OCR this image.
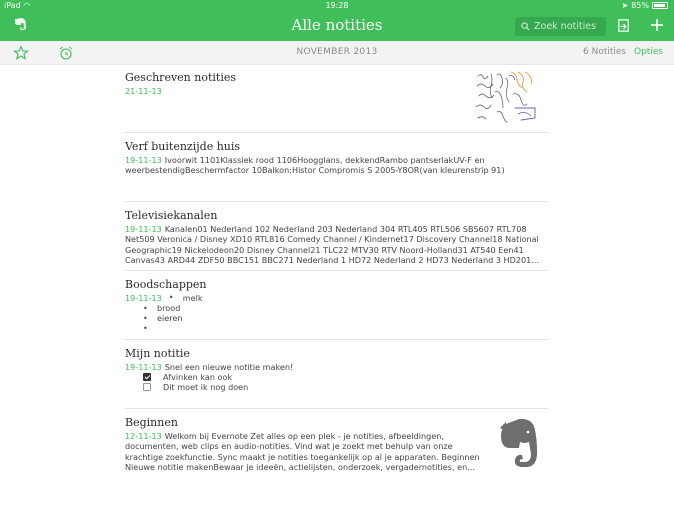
iPad ◠	19:28	➤ 85%
Alle notities	Zoek notities
NOVEMBER 2013	6 Notities Opties
Geschreven notities
21-11-13
Verf buitenzijde huis
19-11-13 Ivoorwit 1101Klassiek rood 1106Hoogglans, dekkendRambo pantserlakUV-F en weerbestendigBeschermfactor 10Balkon:Histor Compromis S 2005-Y8OR(van kleurenstrip 91)
Televisiekanalen
19-11-13 Kanalen01 Nederland 102 Nederland 203 Nederland 304 RTL405 RTL506 SBS607 RTL708 Net509 Veronica / Disney XD10 RTL816 Comedy Channel / Kindernet17 Discovery Channel18 National Geographic19 Nickelodeon20 Disney Channel21 TLC22 MTV30 RTV Noord-Holland31 AT540 Een41 Canvas43 ARD44 ZDF50 BBC151 BBC271 Nederland 1 HD72 Nederland 2 HD73 Nederland 3 HD201...
Boodschappen
19-11-13 •	melk
•	brood
•	eieren
•
Mijn notitie
19-11-13 Snel een nieuwe notitie maken!
Afvinken kan ook
Dit moet ik nog doen
Beginnen
12-11-13 Welkom bij Evernote Zet alles op een plek - je notities, afbeeldingen, documenten, web clips en audio-notities. Vind wat je zoekt met behulp van onze krachtige zoekfunctie. Sync maakt je notities toegankelijk op al je apparaten. Beginnen Nieuwe notitie makenBewaar je ideeën, actielijsten, onderzoek, vergadernotities, en...
